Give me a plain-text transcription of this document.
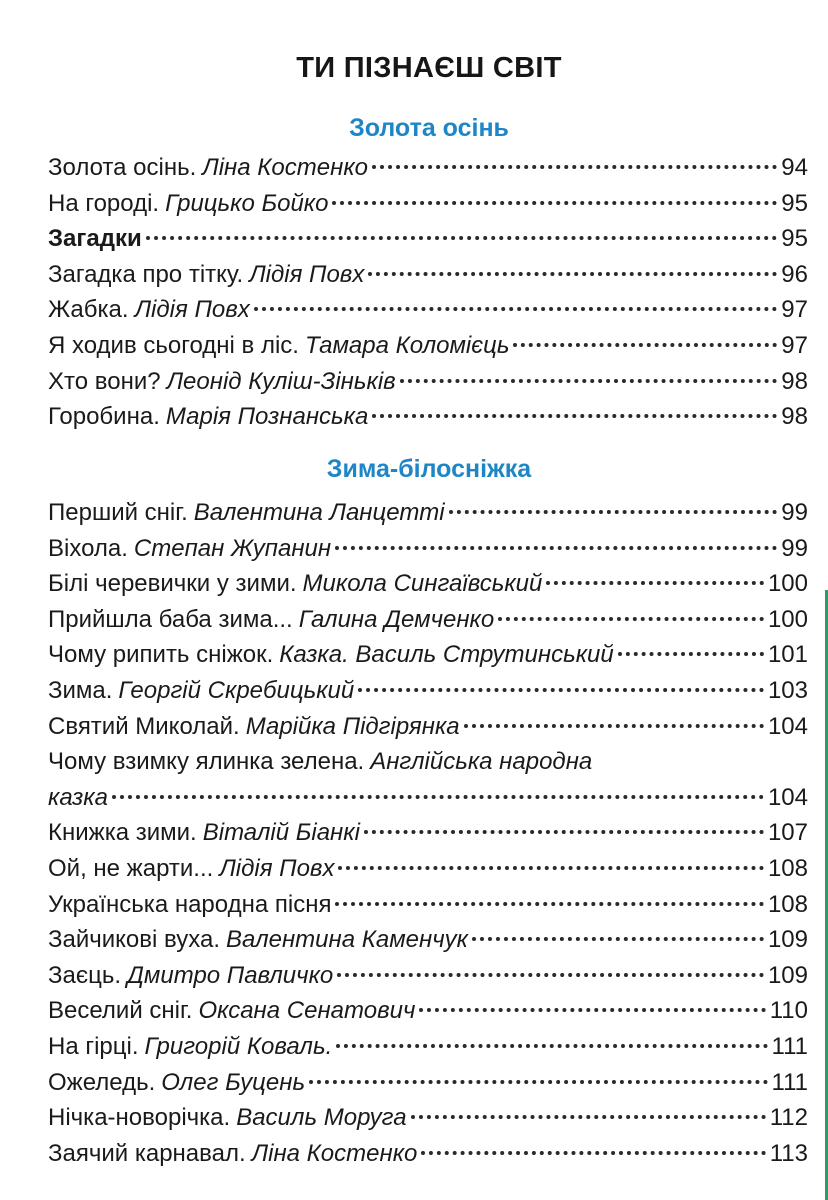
ТИ ПІЗНАЄШ СВІТ
Золота осінь
Золота осінь. Ліна Костенко	94
На городі. Грицько Бойко	95
Загадки	95
Загадка про тітку. Лідія Повх	96
Жабка. Лідія Повх	97
Я ходив сьогодні в ліс. Тамара Коломієць	97
Хто вони? Леонід Куліш-Зіньків	98
Горобина. Марія Познанська	98
Зима-білосніжка
Перший сніг. Валентина Ланцетті	99
Віхола. Степан Жупанин	99
Білі черевички у зими. Микола Сингаївський	100
Прийшла баба зима... Галина Демченко	100
Чому рипить сніжок. Казка. Василь Струтинський	101
Зима. Георгій Скребицький	103
Святий Миколай. Марійка Підгірянка	104
Чому взимку ялинка зелена. Англійська народна
казка	104
Книжка зими. Віталій Біанкі	107
Ой, не жарти... Лідія Повх	108
Українська народна пісня	108
Зайчикові вуха. Валентина Каменчук	109
Заєць. Дмитро Павличко	109
Веселий сніг. Оксана Сенатович	110
На гірці. Григорій Коваль.	111
Ожеледь. Олег Буцень	111
Нічка-новорічка. Василь Моруга	112
Заячий карнавал. Ліна Костенко	113
